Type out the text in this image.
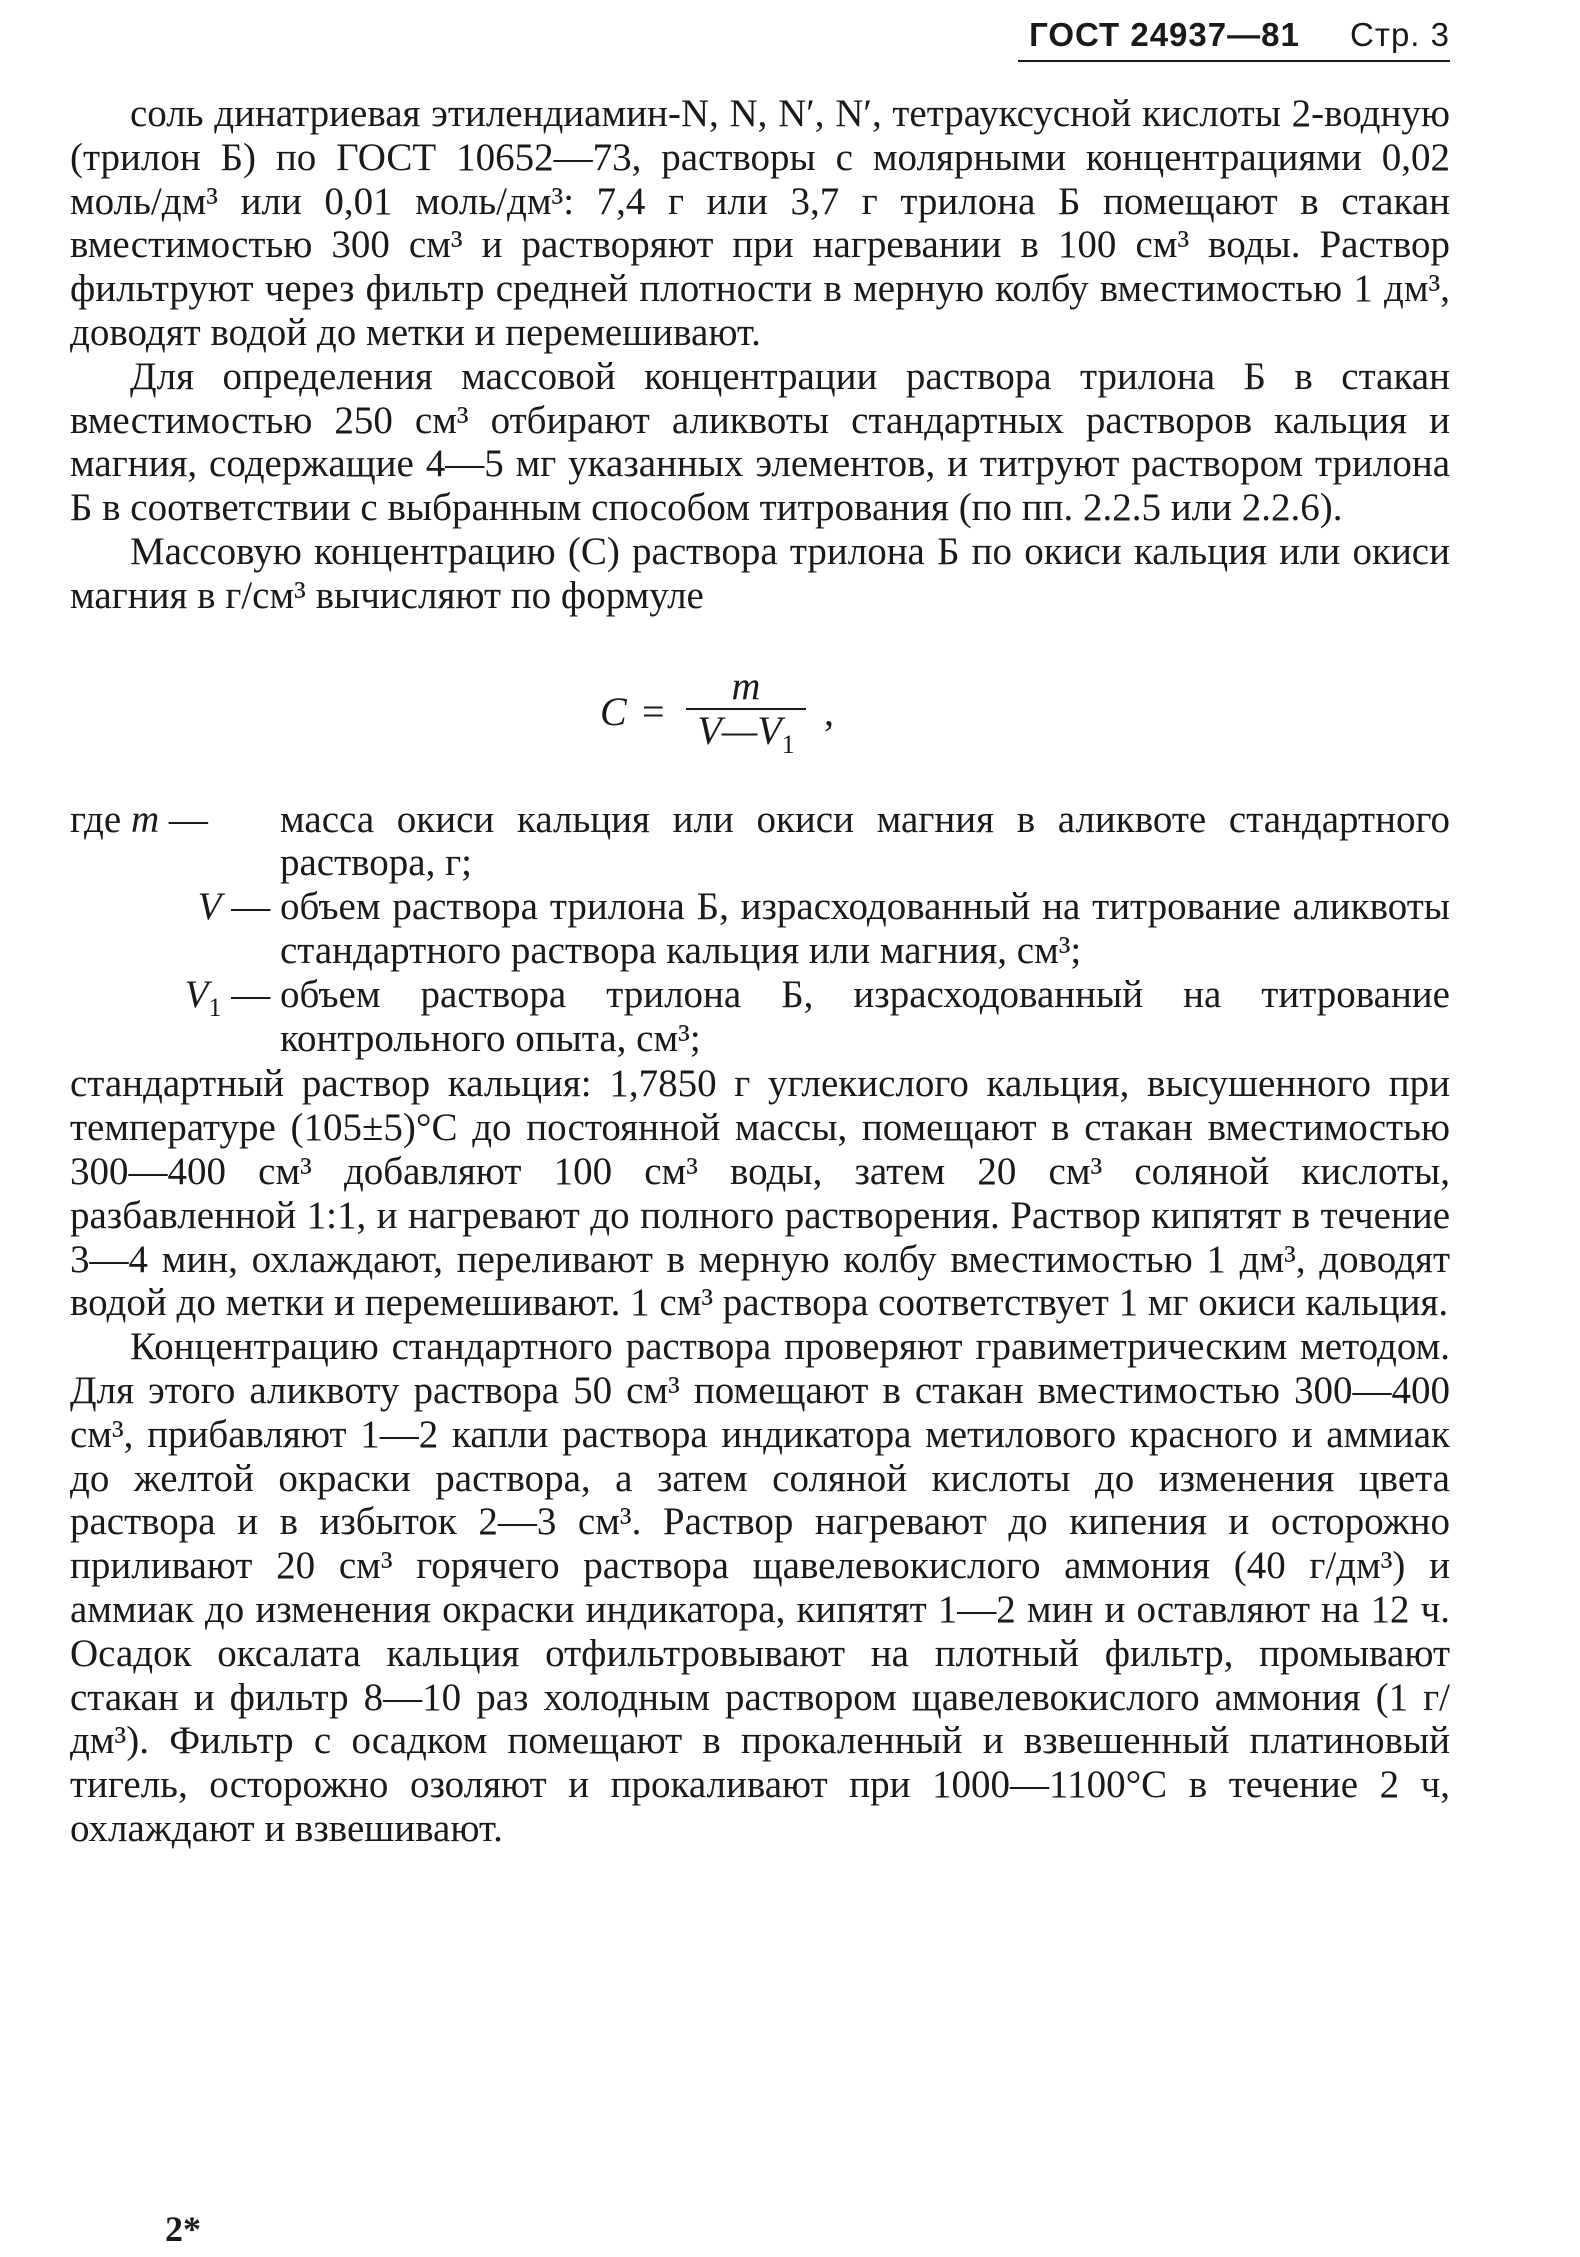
ГОСТ 24937—81 Стр. 3

соль динатриевая этилендиамин-N, N, N′, N′, тетрауксусной кислоты 2-водную (трилон Б) по ГОСТ 10652—73, растворы с молярными концентрациями 0,02 моль/дм³ или 0,01 моль/дм³: 7,4 г или 3,7 г трилона Б помещают в стакан вместимостью 300 см³ и растворяют при нагревании в 100 см³ воды. Раствор фильтруют через фильтр средней плотности в мерную колбу вместимостью 1 дм³, доводят водой до метки и перемешивают.

Для определения массовой концентрации раствора трилона Б в стакан вместимостью 250 см³ отбирают аликвоты стандартных растворов кальция и магния, содержащие 4—5 мг указанных элементов, и титруют раствором трилона Б в соответствии с выбранным способом титрования (по пп. 2.2.5 или 2.2.6).

Массовую концентрацию (С) раствора трилона Б по окиси кальция или окиси магния в г/см³ вычисляют по формуле

C =
m
$V—V_1$
,
где m —	масса окиси кальция или окиси магния в аликвоте стандартного раствора, г;
V — объем раствора трилона Б, израсходованный на титрование аликвоты стандартного раствора кальция или магния, см³;
$V_1$ — объем раствора трилона Б, израсходованный на титрование контрольного опыта, см³;

стандартный раствор кальция: 1,7850 г углекислого кальция, высушенного при температуре (105±5)°С до постоянной массы, помещают в стакан вместимостью 300—400 см³ добавляют 100 см³ воды, затем 20 см³ соляной кислоты, разбавленной 1:1, и нагревают до полного растворения. Раствор кипятят в течение 3—4 мин, охлаждают, переливают в мерную колбу вместимостью 1 дм³, доводят водой до метки и перемешивают. 1 см³ раствора соответствует 1 мг окиси кальция.

Концентрацию стандартного раствора проверяют гравиметрическим методом. Для этого аликвоту раствора 50 см³ помещают в стакан вместимостью 300—400 см³, прибавляют 1—2 капли раствора индикатора метилового красного и аммиак до желтой окраски раствора, а затем соляной кислоты до изменения цвета раствора и в избыток 2—3 см³. Раствор нагревают до кипения и осторожно приливают 20 см³ горячего раствора щавелевокислого аммония (40 г/дм³) и аммиак до изменения окраски индикатора, кипятят 1—2 мин и оставляют на 12 ч. Осадок оксалата кальция отфильтровывают на плотный фильтр, промывают стакан и фильтр 8—10 раз холодным раствором щавелевокислого аммония (1 г/дм³). Фильтр с осадком помещают в прокаленный и взвешенный платиновый тигель, осторожно озоляют и прокаливают при 1000—1100°С в течение 2 ч, охлаждают и взвешивают.

2*
